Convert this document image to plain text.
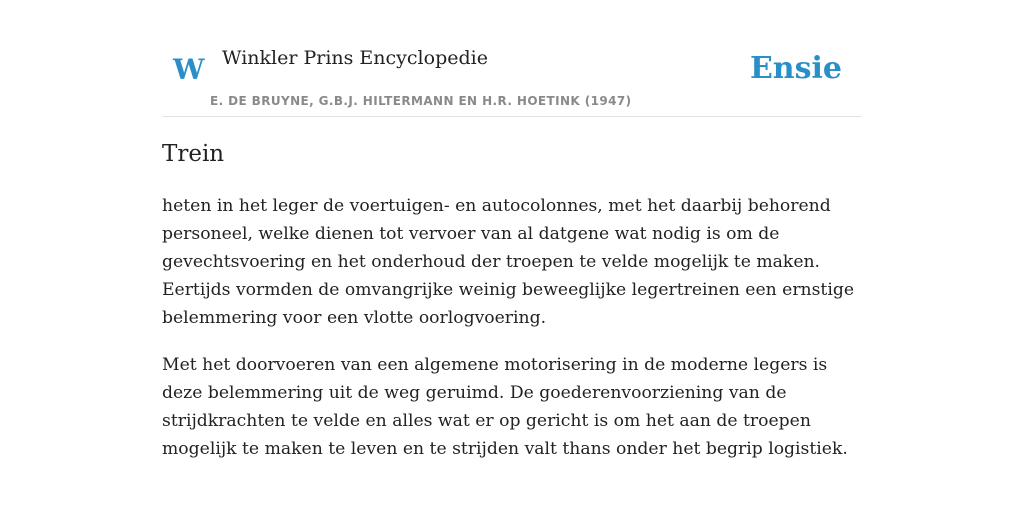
W Winkler Prins Encyclopedie
E. DE BRUYNE, G.B.J. HILTERMANN EN H.R. HOETINK (1947)
Ensie
Trein

heten in het leger de voertuigen- en autocolonnes, met het daarbij behorend personeel, welke dienen tot vervoer van al datgene wat nodig is om de gevechtsvoering en het onderhoud der troepen te velde mogelijk te maken. Eertijds vormden de omvangrijke weinig beweeglijke legertreinen een ernstige belemmering voor een vlotte oorlogvoering.

Met het doorvoeren van een algemene motorisering in de moderne legers is deze belemmering uit de weg geruimd. De goederenvoorziening van de strijdkrachten te velde en alles wat er op gericht is om het aan de troepen mogelijk te maken te leven en te strijden valt thans onder het begrip logistiek.
